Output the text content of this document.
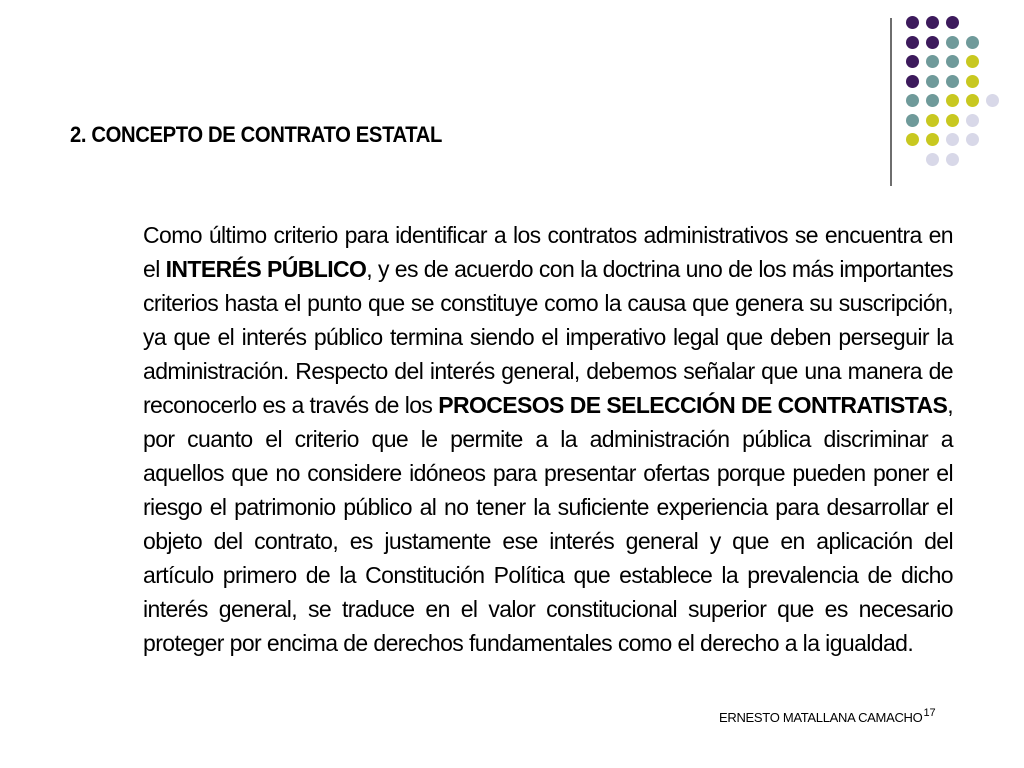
2. CONCEPTO DE CONTRATO ESTATAL
Como último criterio para identificar a los contratos administrativos se encuentra en el INTERÉS PÚBLICO, y es de acuerdo con la doctrina uno de los más importantes criterios hasta el punto que se constituye como la causa que genera su suscripción, ya que el interés público termina siendo el imperativo legal que deben perseguir la administración. Respecto del interés general, debemos señalar que una manera de reconocerlo es a través de los PROCESOS DE SELECCIÓN DE CONTRATISTAS, por cuanto el criterio que le permite a la administración pública discriminar a aquellos que no considere idóneos para presentar ofertas porque pueden poner el riesgo el patrimonio público al no tener la suficiente experiencia para desarrollar el objeto del contrato, es justamente ese interés general y que en aplicación del artículo primero de la Constitución Política que establece la prevalencia de dicho interés general, se traduce en el valor constitucional superior que es necesario proteger por encima de derechos fundamentales como el derecho a la igualdad.
ERNESTO MATALLANA CAMACHO$^{17}$
